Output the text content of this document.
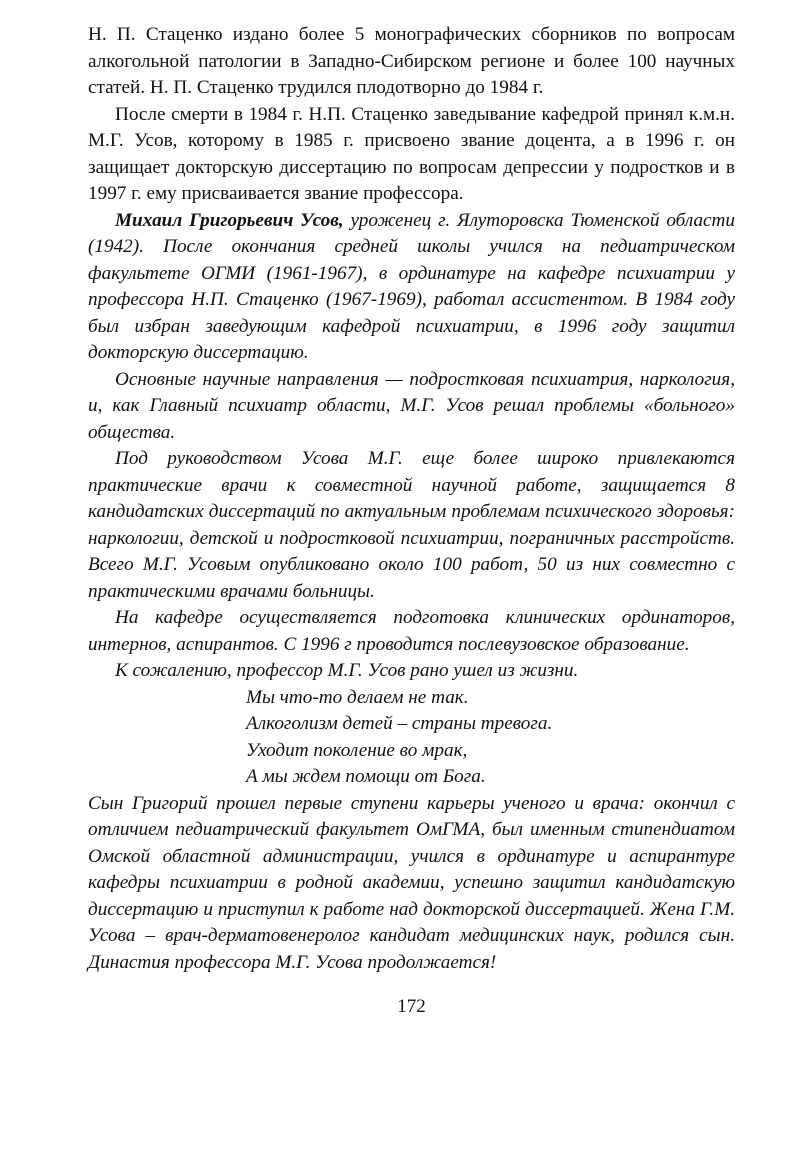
Н. П. Стаценко издано более 5 монографических сборников по вопросам алкогольной патологии в Западно-Сибирском регионе и более 100 научных статей. Н. П. Стаценко трудился плодотворно до 1984 г.

После смерти в 1984 г. Н.П. Стаценко заведывание кафедрой принял к.м.н. М.Г. Усов, которому в 1985 г. присвоено звание доцента, а в 1996 г. он защищает докторскую диссертацию по вопросам депрессии у подростков и в 1997 г. ему присваивается звание профессора.

Михаил Григорьевич Усов, уроженец г. Ялуторовска Тюменской области (1942). После окончания средней школы учился на педиатрическом факультете ОГМИ (1961-1967), в ординатуре на кафедре психиатрии у профессора Н.П. Стаценко (1967-1969), работал ассистентом. В 1984 году был избран заведующим кафедрой психиатрии, в 1996 году защитил докторскую диссертацию.

Основные научные направления — подростковая психиатрия, наркология, и, как Главный психиатр области, М.Г. Усов решал проблемы «больного» общества.

Под руководством Усова М.Г. еще более широко привлекаются практические врачи к совместной научной работе, защищается 8 кандидатских диссертаций по актуальным проблемам психического здоровья: наркологии, детской и подростковой психиатрии, пограничных расстройств. Всего М.Г. Усовым опубликовано около 100 работ, 50 из них совместно с практическими врачами больницы.

На кафедре осуществляется подготовка клинических ординаторов, интернов, аспирантов. С 1996 г проводится послевузовское образование.

К сожалению, профессор М.Г. Усов рано ушел из жизни.

Мы что-то делаем не так.
Алкоголизм детей – страны тревога.
Уходит поколение во мрак,
А мы ждем помощи от Бога.

Сын Григорий прошел первые ступени карьеры ученого и врача: окончил с отличием педиатрический факультет ОмГМА, был именным стипендиатом Омской областной администрации, учился в ординатуре и аспирантуре кафедры психиатрии в родной академии, успешно защитил кандидатскую диссертацию и приступил к работе над докторской диссертацией. Жена Г.М. Усова – врач-дерматовенеролог кандидат медицинских наук, родился сын. Династия профессора М.Г. Усова продолжается!

172
